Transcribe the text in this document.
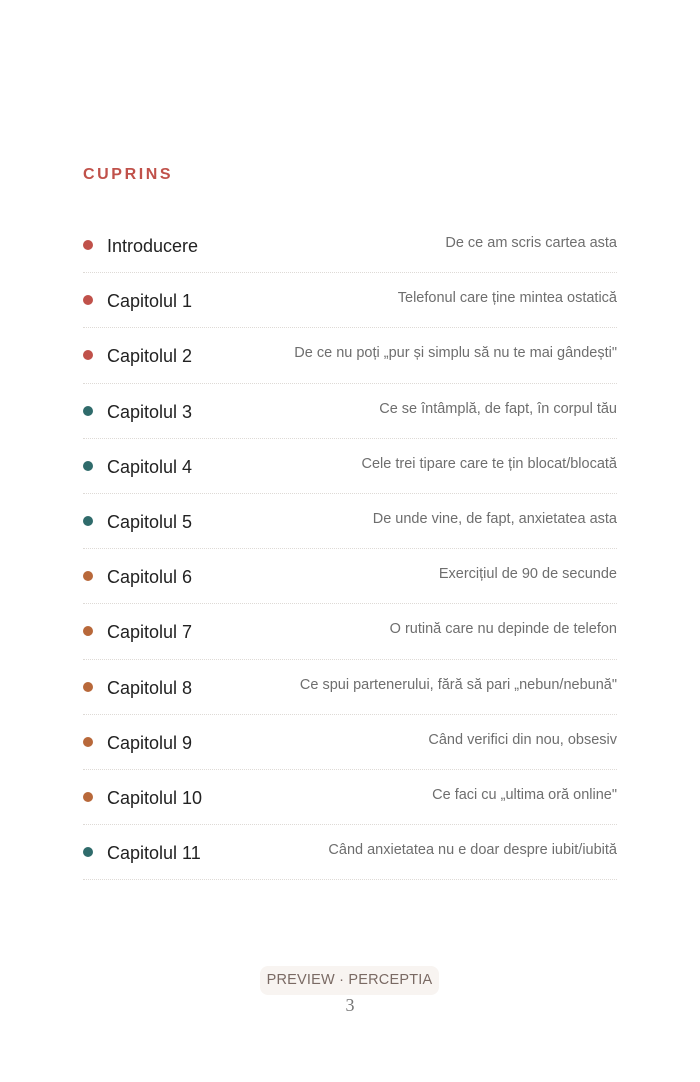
CUPRINS
Introducere	De ce am scris cartea asta
Capitolul 1	Telefonul care ține mintea ostatică
Capitolul 2	De ce nu poți „pur și simplu să nu te mai gândești"
Capitolul 3	Ce se întâmplă, de fapt, în corpul tău
Capitolul 4	Cele trei tipare care te țin blocat/blocată
Capitolul 5	De unde vine, de fapt, anxietatea asta
Capitolul 6	Exercițiul de 90 de secunde
Capitolul 7	O rutină care nu depinde de telefon
Capitolul 8	Ce spui partenerului, fără să pari „nebun/nebună"
Capitolul 9	Când verifici din nou, obsesiv
Capitolul 10	Ce faci cu „ultima oră online"
Capitolul 11	Când anxietatea nu e doar despre iubit/iubită
PREVIEW · PERCEPTIA
3
